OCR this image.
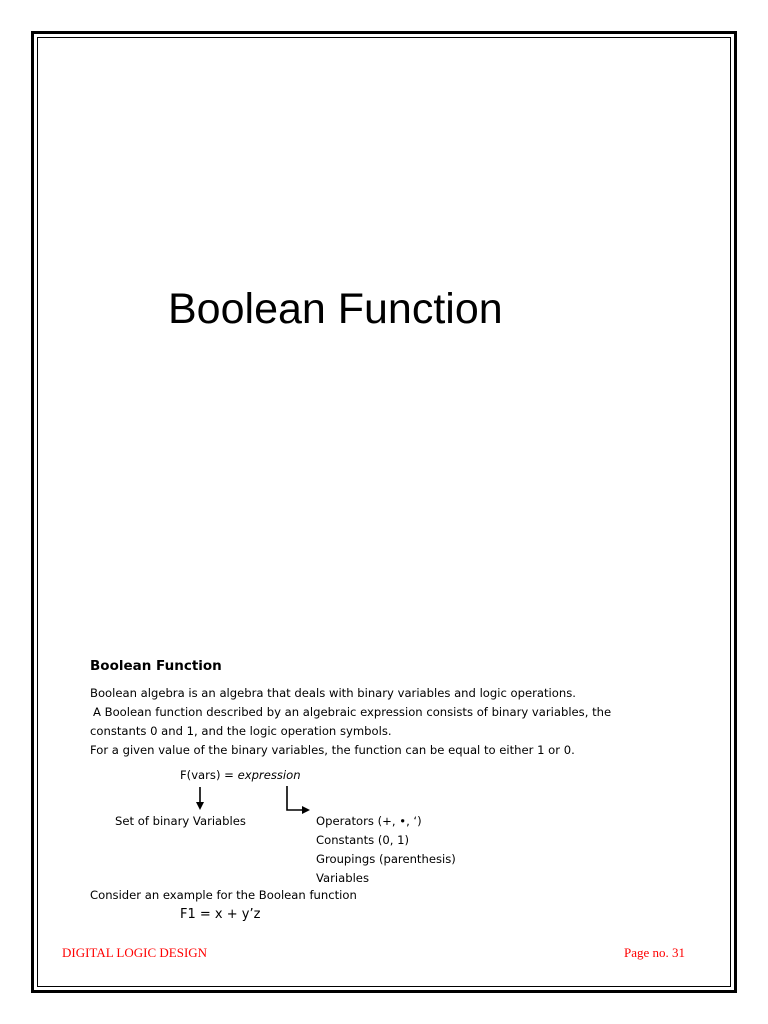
Boolean Function
Boolean Function
Boolean algebra is an algebra that deals with binary variables and logic operations.
A Boolean function described by an algebraic expression consists of binary variables, the
constants 0 and 1, and the logic operation symbols.
For a given value of the binary variables, the function can be equal to either 1 or 0.
F(vars) = expression
Set of binary Variables	Operators (+, •, ‘)
Constants (0, 1)
Groupings (parenthesis)
Variables
Consider an example for the Boolean function
F1 = x + y’z
DIGITAL LOGIC DESIGN	Page no. 31
